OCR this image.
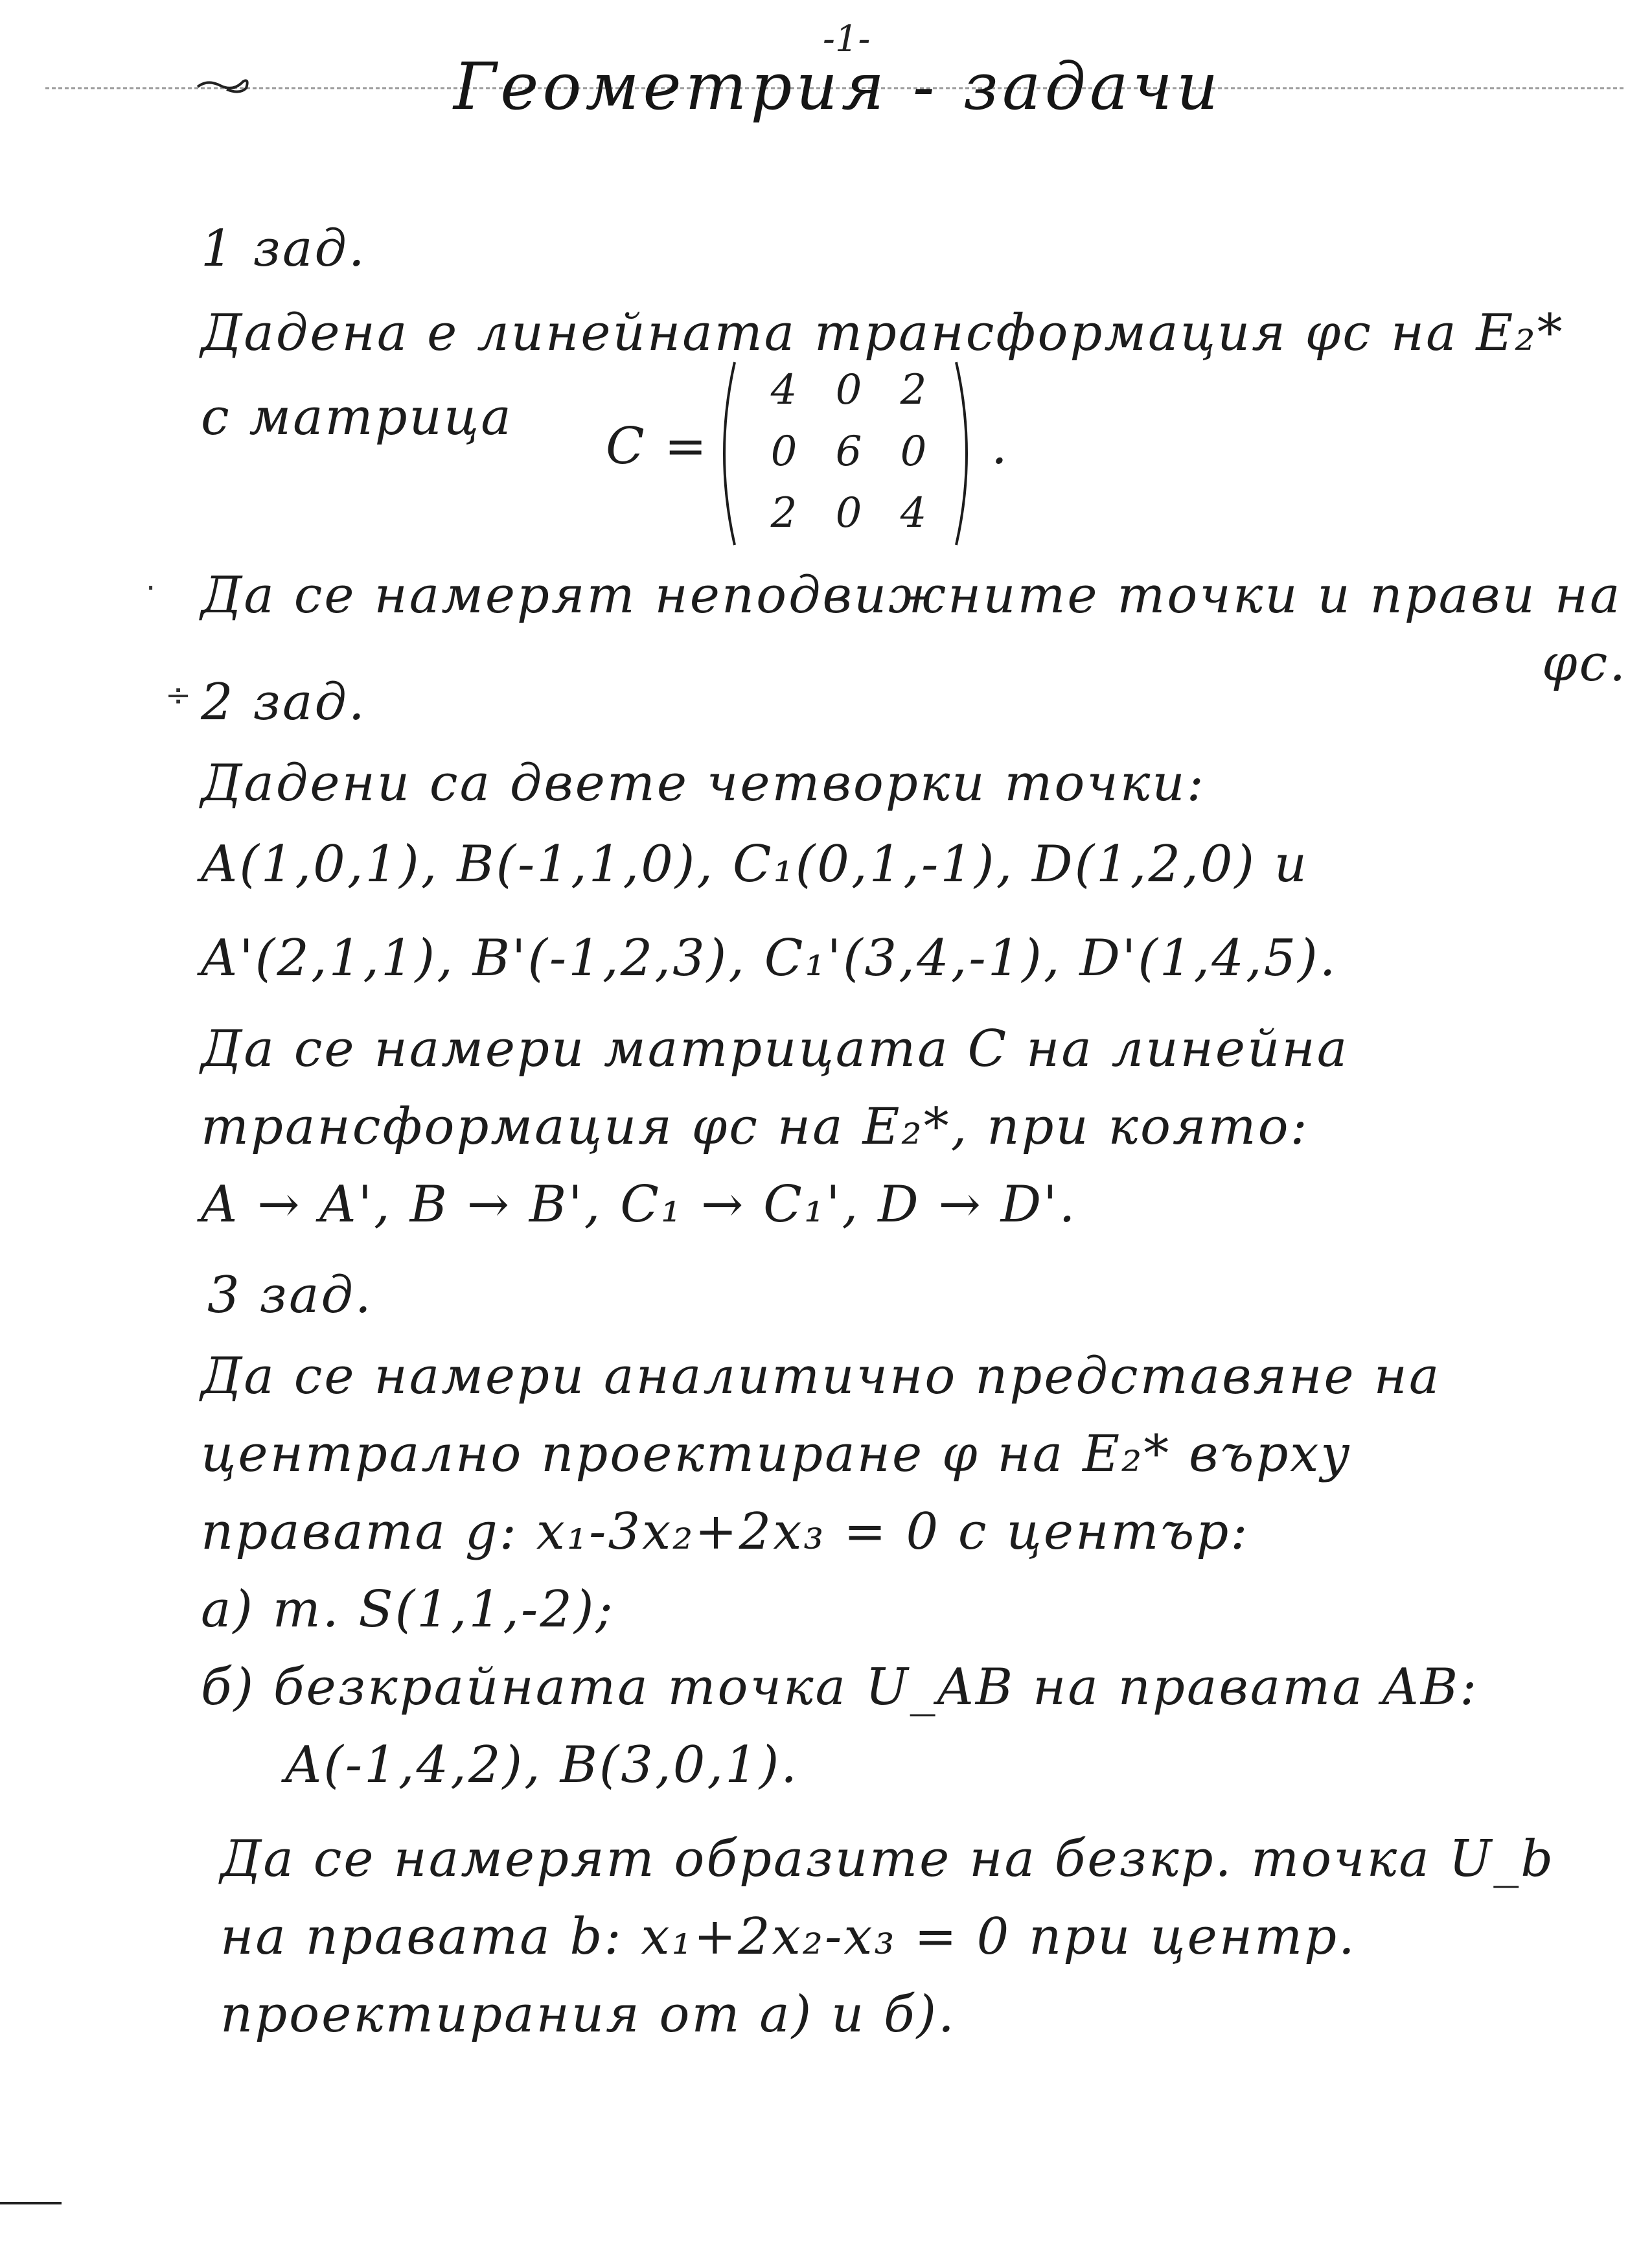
-1-
Геометрия - задачи
1 зад.
Дадена е линейната трансформация φc на E₂*
с матрица C =
4 0 2
0 6 0
2 0 4
.
· Да се намерят неподвижните точки и прави на
φc.
÷ 2 зад.
Дадени са двете четворки точки:
A(1,0,1), B(-1,1,0), C₁(0,1,-1), D(1,2,0) и
A'(2,1,1), B'(-1,2,3), C₁'(3,4,-1), D'(1,4,5).
Да се намери матрицата C на линейна
трансформация φc на E₂*, при която:
A → A', B → B', C₁ → C₁', D → D'.
3 зад.
Да се намери аналитично представяне на
централно проектиране φ на E₂* върху
правата g: x₁-3x₂+2x₃ = 0 с център:
а) т. S(1,1,-2);
б) безкрайната точка U_AB на правата AB:
A(-1,4,2), B(3,0,1).
Да се намерят образите на безкр. точка U_b
на правата b: x₁+2x₂-x₃ = 0 при центр.
проектирания от а) и б).
